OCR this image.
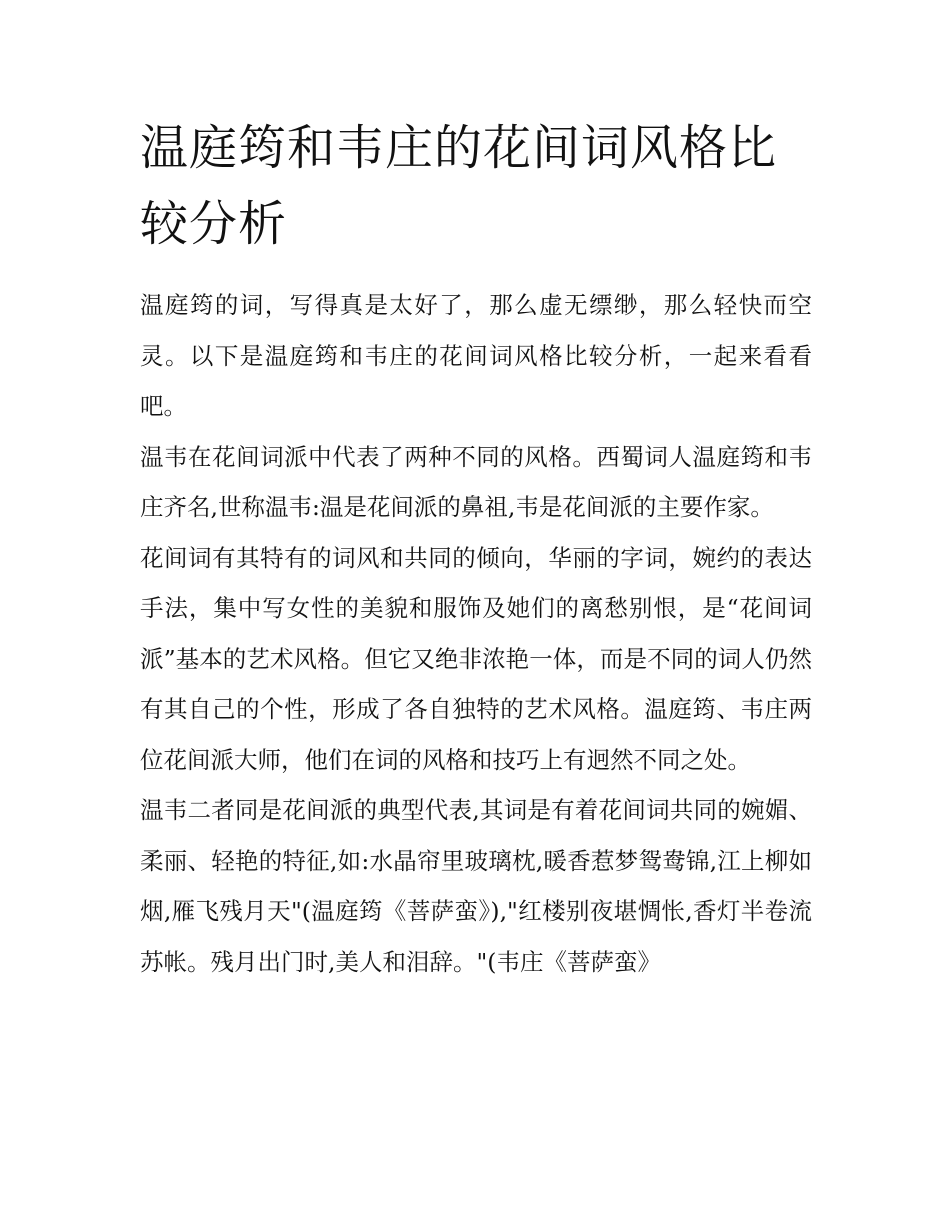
温庭筠和韦庄的花间词风格比较分析

温庭筠的词，写得真是太好了，那么虚无缥缈，那么轻快而空灵。以下是温庭筠和韦庄的花间词风格比较分析，一起来看看吧。

温韦在花间词派中代表了两种不同的风格。西蜀词人温庭筠和韦庄齐名,世称温韦:温是花间派的鼻祖,韦是花间派的主要作家。

花间词有其特有的词风和共同的倾向，华丽的字词，婉约的表达手法，集中写女性的美貌和服饰及她们的离愁别恨，是“花间词派”基本的艺术风格。但它又绝非浓艳一体，而是不同的词人仍然有其自己的个性，形成了各自独特的艺术风格。温庭筠、韦庄两位花间派大师，他们在词的风格和技巧上有迥然不同之处。

温韦二者同是花间派的典型代表,其词是有着花间词共同的婉媚、柔丽、轻艳的特征,如:水晶帘里玻璃枕,暖香惹梦鸳鸯锦,江上柳如烟,雁飞残月天"(温庭筠《菩萨蛮》),"红楼别夜堪惆怅,香灯半卷流苏帐。残月出门时,美人和泪辞。"(韦庄《菩萨蛮》
